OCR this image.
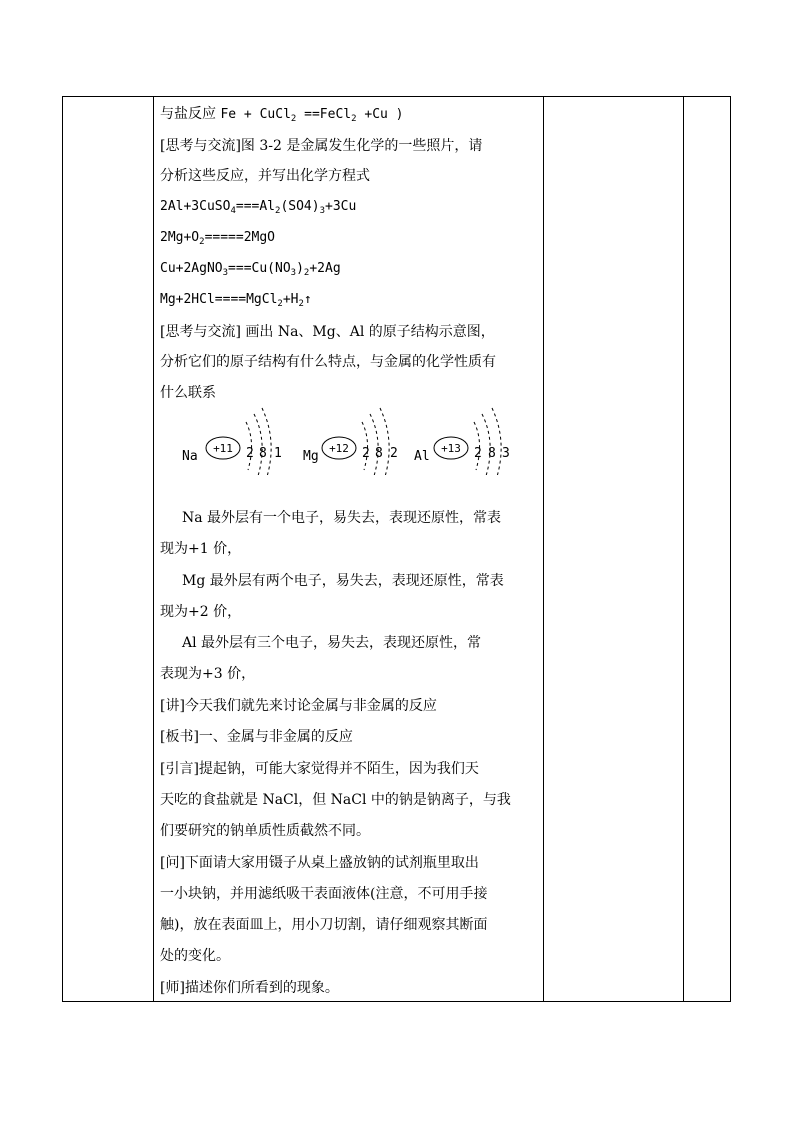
与盐反应 Fe + CuCl$_2$ ==FeCl$_2$ +Cu )
[思考与交流]图 3-2 是金属发生化学的一些照片，请
分析这些反应，并写出化学方程式
$2Al+3CuSO_4===Al_2(SO4)_3+3Cu$
$2Mg+O_2=====2MgO$
$Cu+2AgNO_3===Cu(NO_3)_2+2Ag$
$Mg+2HCl====MgCl_2+H_2↑$
[思考与交流] 画出 Na、Mg、Al 的原子结构示意图，
分析它们的原子结构有什么特点，与金属的化学性质有
什么联系
Na
+11 2 8 1 Mg
+12 2 8 2 Al
+13 2 8 3
Na 最外层有一个电子，易失去，表现还原性，常表
现为+1 价，
Mg 最外层有两个电子，易失去，表现还原性，常表
现为+2 价，
Al 最外层有三个电子，易失去，表现还原性，常
表现为+3 价，
[讲]今天我们就先来讨论金属与非金属的反应
[板书]一、金属与非金属的反应
[引言]提起钠，可能大家觉得并不陌生，因为我们天
天吃的食盐就是 NaCl，但 NaCl 中的钠是钠离子，与我
们要研究的钠单质性质截然不同。
[问]下面请大家用镊子从桌上盛放钠的试剂瓶里取出
一小块钠，并用滤纸吸干表面液体(注意，不可用手接
触)，放在表面皿上，用小刀切割，请仔细观察其断面
处的变化。
[师]描述你们所看到的现象。
